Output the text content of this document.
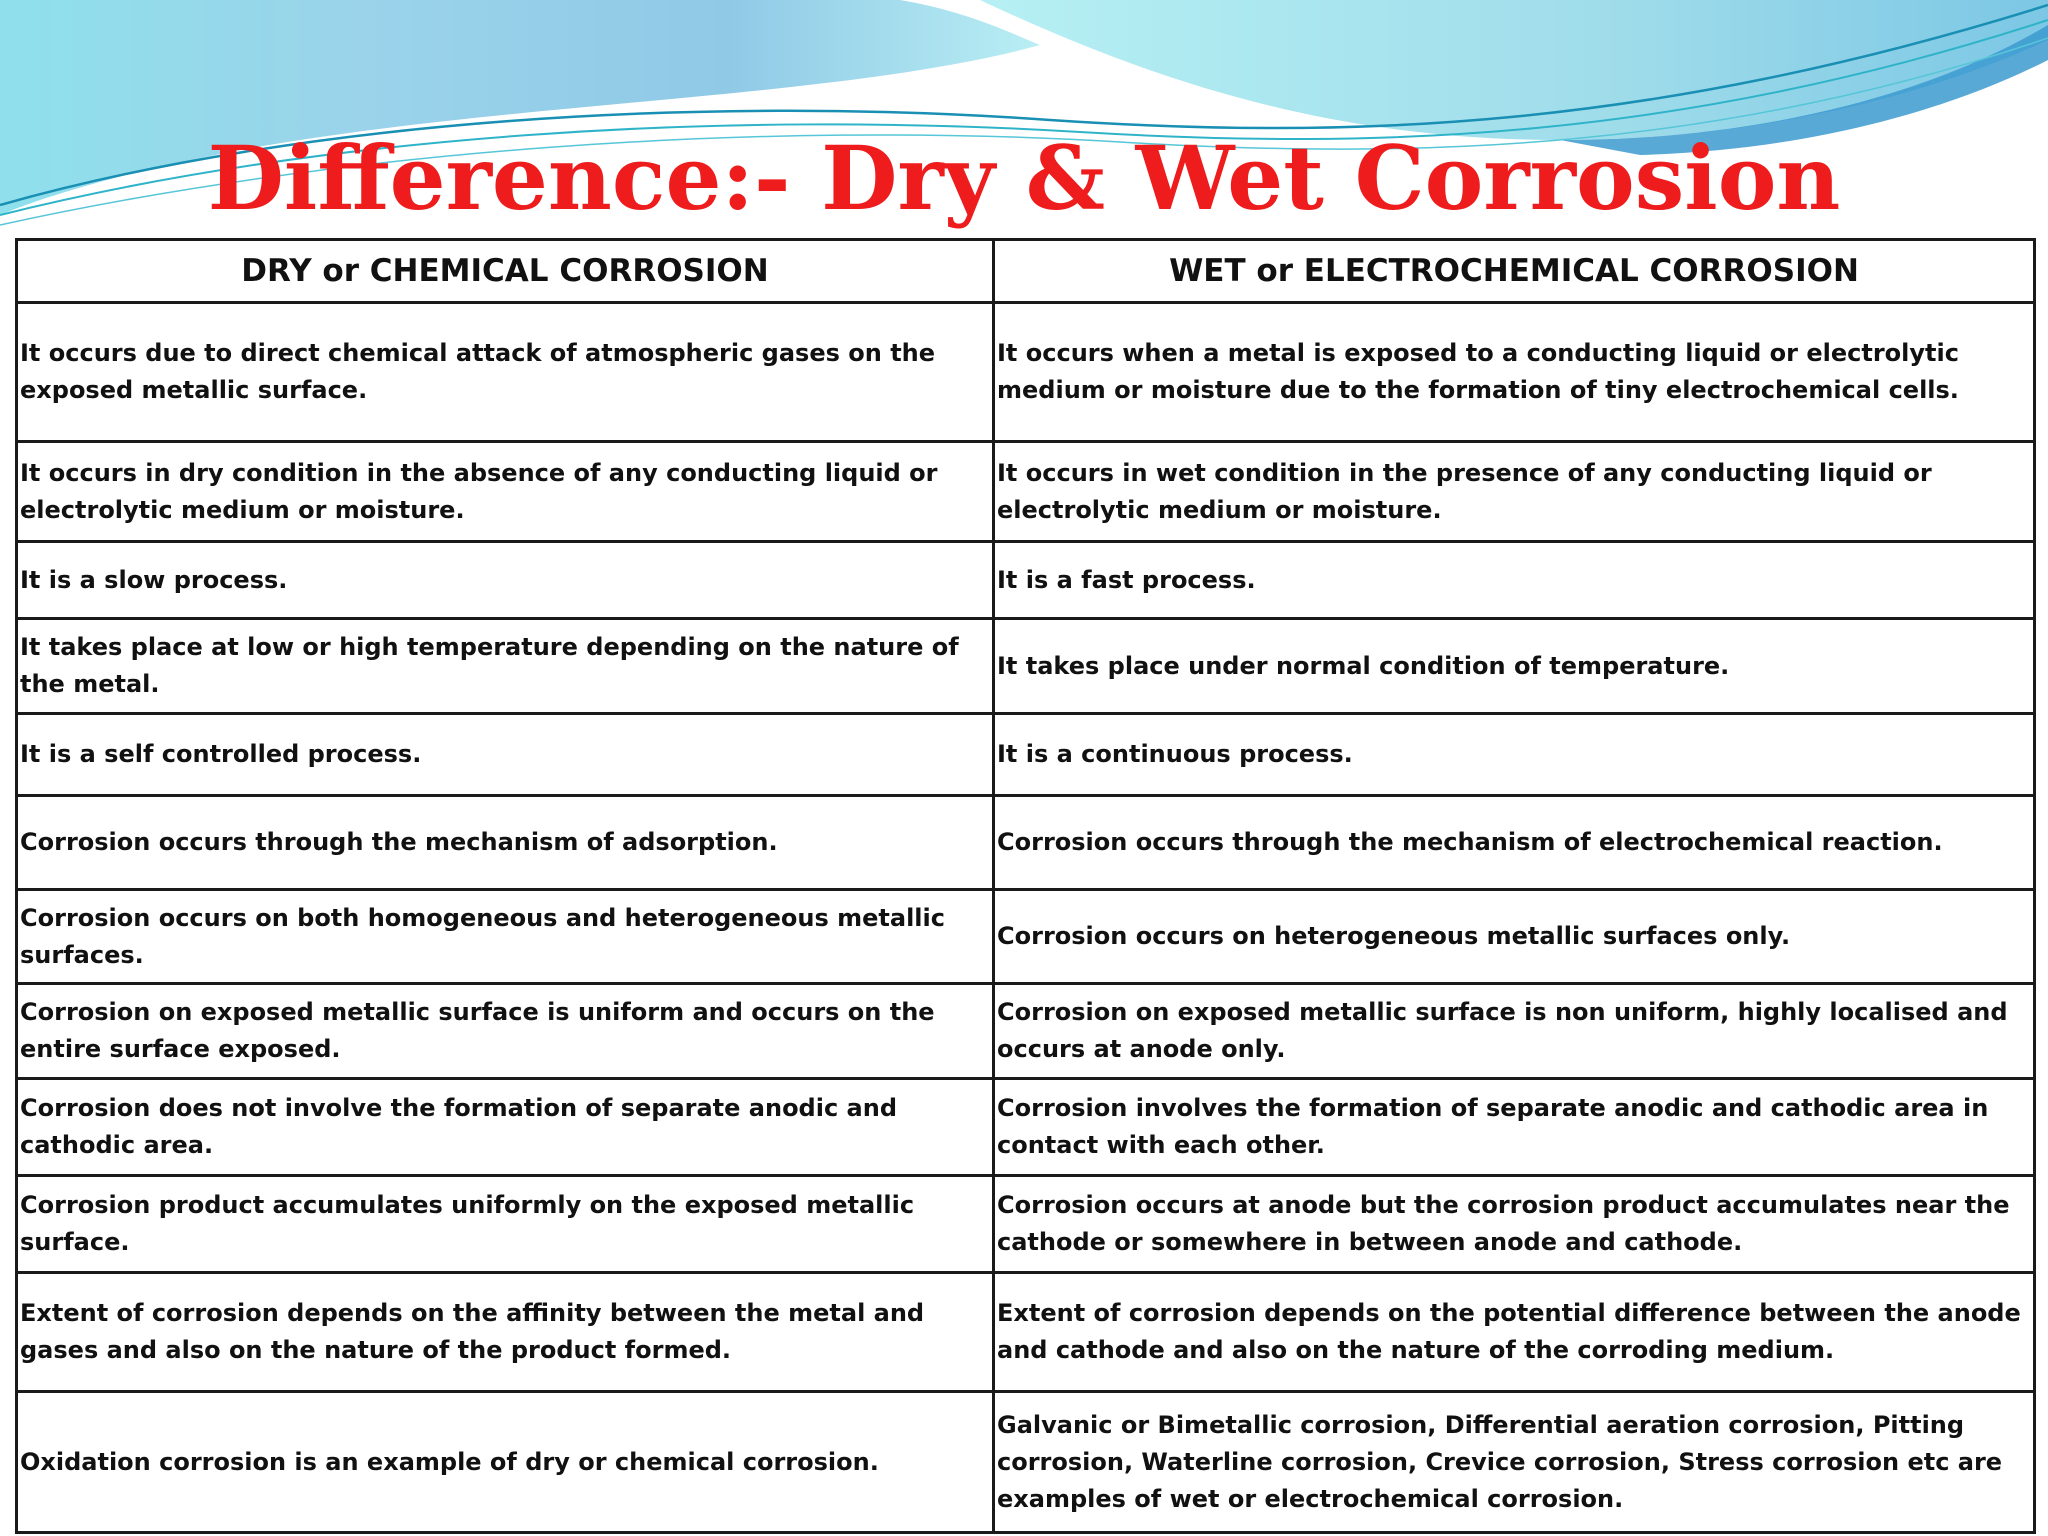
Difference:- Dry & Wet Corrosion
DRY or CHEMICAL CORROSION	WET or ELECTROCHEMICAL CORROSION
It occurs due to direct chemical attack of atmospheric gases on the exposed metallic surface.	It occurs when a metal is exposed to a conducting liquid or electrolytic medium or moisture due to the formation of tiny electrochemical cells.
It occurs in dry condition in the absence of any conducting liquid or electrolytic medium or moisture.	It occurs in wet condition in the presence of any conducting liquid or electrolytic medium or moisture.
It is a slow process.	It is a fast process.
It takes place at low or high temperature depending on the nature of the metal.	It takes place under normal condition of temperature.
It is a self controlled process.	It is a continuous process.
Corrosion occurs through the mechanism of adsorption.	Corrosion occurs through the mechanism of electrochemical reaction.
Corrosion occurs on both homogeneous and heterogeneous metallic surfaces.	Corrosion occurs on heterogeneous metallic surfaces only.
Corrosion on exposed metallic surface is uniform and occurs on the entire surface exposed.	Corrosion on exposed metallic surface is non uniform, highly localised and occurs at anode only.
Corrosion does not involve the formation of separate anodic and cathodic area.	Corrosion involves the formation of separate anodic and cathodic area in contact with each other.
Corrosion product accumulates uniformly on the exposed metallic surface.	Corrosion occurs at anode but the corrosion product accumulates near the cathode or somewhere in between anode and cathode.
Extent of corrosion depends on the affinity between the metal and gases and also on the nature of the product formed.	Extent of corrosion depends on the potential difference between the anode and cathode and also on the nature of the corroding medium.
Oxidation corrosion is an example of dry or chemical corrosion.	Galvanic or Bimetallic corrosion, Differential aeration corrosion, Pitting corrosion, Waterline corrosion, Crevice corrosion, Stress corrosion etc are examples of wet or electrochemical corrosion.
